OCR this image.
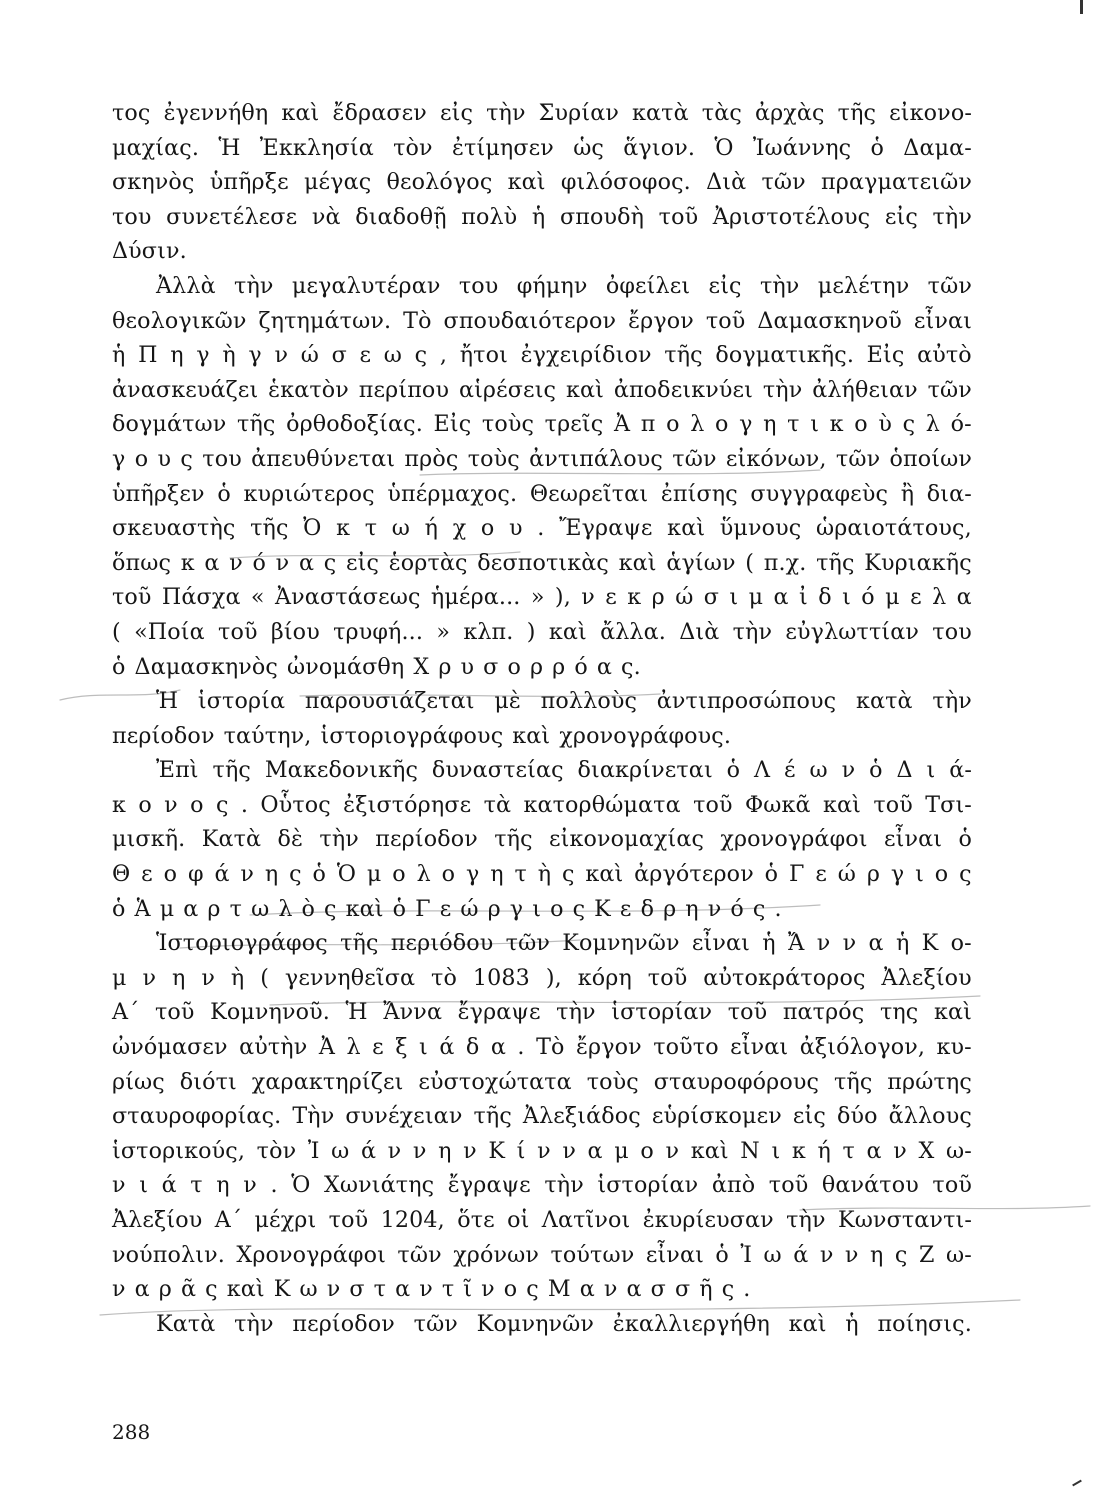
τος ἐγεννήθη καὶ ἔδρασεν εἰς τὴν Συρίαν κατὰ τὰς ἀρχὰς τῆς εἰκονο-
μαχίας. Ἡ Ἐκκλησία τὸν ἐτίμησεν ὡς ἅγιον. Ὁ Ἰωάννης ὁ Δαμα-
σκηνὸς ὑπῆρξε μέγας θεολόγος καὶ φιλόσοφος. Διὰ τῶν πραγματειῶν
του συνετέλεσε νὰ διαδοθῇ πολὺ ἡ σπουδὴ τοῦ Ἀριστοτέλους εἰς τὴν
Δύσιν.
Ἀλλὰ τὴν μεγαλυτέραν του φήμην ὀφείλει εἰς τὴν μελέτην τῶν
θεολογικῶν ζητημάτων. Τὸ σπουδαιότερον ἔργον τοῦ Δαμασκηνοῦ εἶναι
ἡ Π η γ ὴ γ ν ώ σ ε ω ς , ἤτοι ἐγχειρίδιον τῆς δογματικῆς. Εἰς αὐτὸ
ἀνασκευάζει ἑκατὸν περίπου αἱρέσεις καὶ ἀποδεικνύει τὴν ἀλήθειαν τῶν
δογμάτων τῆς ὀρθοδοξίας. Εἰς τοὺς τρεῖς Ἀ π ο λ ο γ η τ ι κ ο ὺ ς λ ό-
γ ο υ ς του ἀπευθύνεται πρὸς τοὺς ἀντιπάλους τῶν εἰκόνων, τῶν ὁποίων
ὑπῆρξεν ὁ κυριώτερος ὑπέρμαχος. Θεωρεῖται ἐπίσης συγγραφεὺς ἢ δια-
σκευαστὴς τῆς Ὀ κ τ ω ή χ ο υ . Ἔγραψε καὶ ὕμνους ὡραιοτάτους,
ὅπως κ α ν ό ν α ς εἰς ἑορτὰς δεσποτικὰς καὶ ἁγίων ( π.χ. τῆς Κυριακῆς
τοῦ Πάσχα « Ἀναστάσεως ἡμέρα... » ), ν ε κ ρ ώ σ ι μ α ἰ δ ι ό μ ε λ α
( «Ποία τοῦ βίου τρυφή... » κλπ. ) καὶ ἄλλα. Διὰ τὴν εὐγλωττίαν του
ὁ Δαμασκηνὸς ὠνομάσθη Χ ρ υ σ ο ρ ρ ό α ς.
Ἡ ἱστορία παρουσιάζεται μὲ πολλοὺς ἀντιπροσώπους κατὰ τὴν
περίοδον ταύτην, ἱστοριογράφους καὶ χρονογράφους.
Ἐπὶ τῆς Μακεδονικῆς δυναστείας διακρίνεται ὁ Λ έ ω ν ὁ Δ ι ά-
κ ο ν ο ς . Οὗτος ἐξιστόρησε τὰ κατορθώματα τοῦ Φωκᾶ καὶ τοῦ Τσι-
μισκῆ. Κατὰ δὲ τὴν περίοδον τῆς εἰκονομαχίας χρονογράφοι εἶναι ὁ
Θ ε ο φ ά ν η ς ὁ Ὁ μ ο λ ο γ η τ ὴ ς καὶ ἀργότερον ὁ Γ ε ώ ρ γ ι ο ς
ὁ Ἁ μ α ρ τ ω λ ὸ ς καὶ ὁ Γ ε ώ ρ γ ι ο ς Κ ε δ ρ η ν ό ς .
Ἱστοριογράφος τῆς περιόδου τῶν Κομνηνῶν εἶναι ἡ Ἄ ν ν α ἡ Κ ο-
μ ν η ν ὴ ( γεννηθεῖσα τὸ 1083 ), κόρη τοῦ αὐτοκράτορος Ἀλεξίου
Α´ τοῦ Κομνηνοῦ. Ἡ Ἄννα ἔγραψε τὴν ἱστορίαν τοῦ πατρός της καὶ
ὠνόμασεν αὐτὴν Ἀ λ ε ξ ι ά δ α . Τὸ ἔργον τοῦτο εἶναι ἀξιόλογον, κυ-
ρίως διότι χαρακτηρίζει εὐστοχώτατα τοὺς σταυροφόρους τῆς πρώτης
σταυροφορίας. Τὴν συνέχειαν τῆς Ἀλεξιάδος εὑρίσκομεν εἰς δύο ἄλλους
ἱστορικούς, τὸν Ἰ ω ά ν ν η ν Κ ί ν ν α μ ο ν καὶ Ν ι κ ή τ α ν Χ ω-
ν ι ά τ η ν . Ὁ Χωνιάτης ἔγραψε τὴν ἱστορίαν ἀπὸ τοῦ θανάτου τοῦ
Ἀλεξίου Α´ μέχρι τοῦ 1204, ὅτε οἱ Λατῖνοι ἐκυρίευσαν τὴν Κωνσταντι-
νούπολιν. Χρονογράφοι τῶν χρόνων τούτων εἶναι ὁ Ἰ ω ά ν ν η ς Ζ ω-
ν α ρ ᾶ ς καὶ Κ ω ν σ τ α ν τ ῖ ν ο ς Μ α ν α σ σ ῆ ς .
Κατὰ τὴν περίοδον τῶν Κομνηνῶν ἐκαλλιεργήθη καὶ ἡ ποίησις.
288
